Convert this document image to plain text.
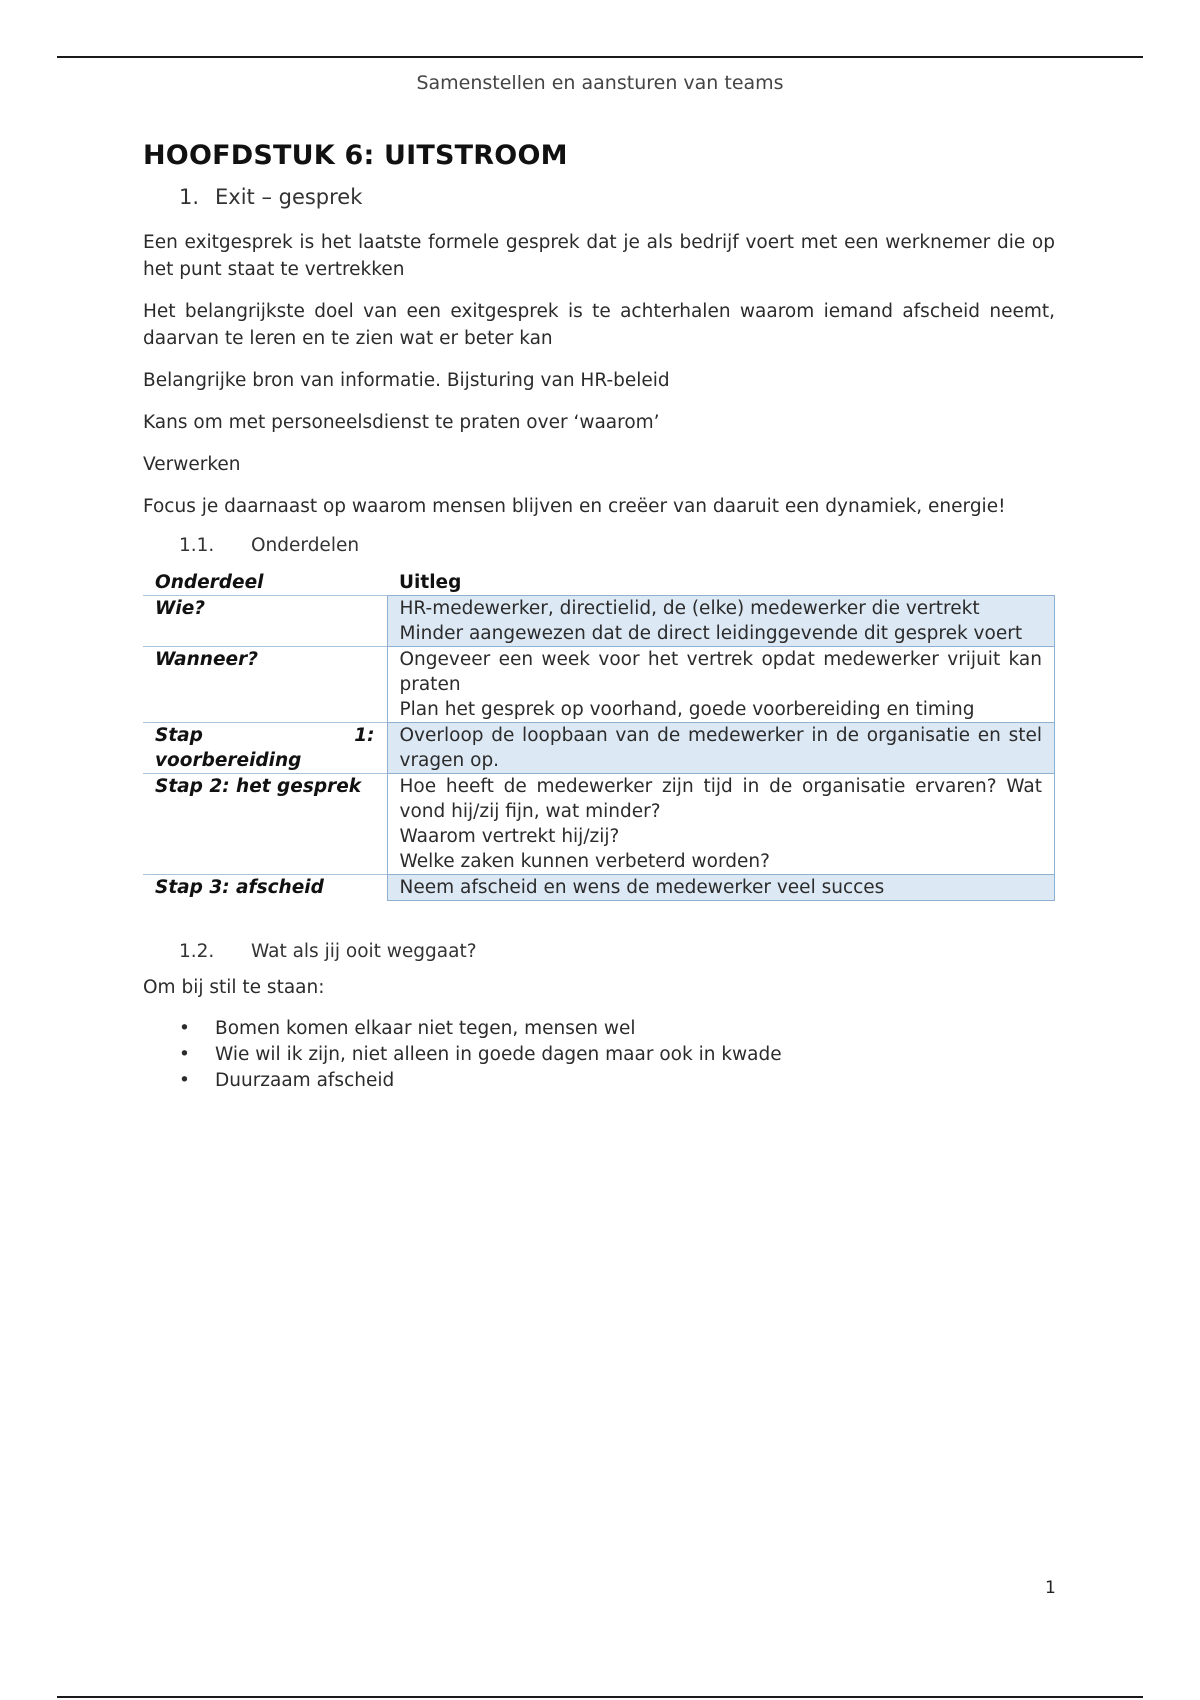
Samenstellen en aansturen van teams
HOOFDSTUK 6: UITSTROOM
1. Exit – gesprek

Een exitgesprek is het laatste formele gesprek dat je als bedrijf voert met een werknemer die op het punt staat te vertrekken

Het belangrijkste doel van een exitgesprek is te achterhalen waarom iemand afscheid neemt, daarvan te leren en te zien wat er beter kan

Belangrijke bron van informatie. Bijsturing van HR-beleid

Kans om met personeelsdienst te praten over ‘waarom’

Verwerken

Focus je daarnaast op waarom mensen blijven en creëer van daaruit een dynamiek, energie!

1.1.	Onderdelen
Onderdeel	Uitleg
Wie?	HR-medewerker, directielid, de (elke) medewerker die vertrekt
Minder aangewezen dat de direct leidinggevende dit gesprek voert

Wanneer?	Ongeveer een week voor het vertrek opdat medewerker vrijuit kan praten
Plan het gesprek op voorhand, goede voorbereiding en timing

Stap 1:
voorbereiding	Overloop de loopbaan van de medewerker in de organisatie en stel vragen op.

Stap 2: het gesprek	Hoe heeft de medewerker zijn tijd in de organisatie ervaren? Wat vond hij/zij fijn, wat minder?
Waarom vertrekt hij/zij?
Welke zaken kunnen verbeterd worden?

Stap 3: afscheid	Neem afscheid en wens de medewerker veel succes
1.2.	Wat als jij ooit weggaat?

Om bij stil te staan:

•	Bomen komen elkaar niet tegen, mensen wel
•	Wie wil ik zijn, niet alleen in goede dagen maar ook in kwade
•	Duurzaam afscheid
1
